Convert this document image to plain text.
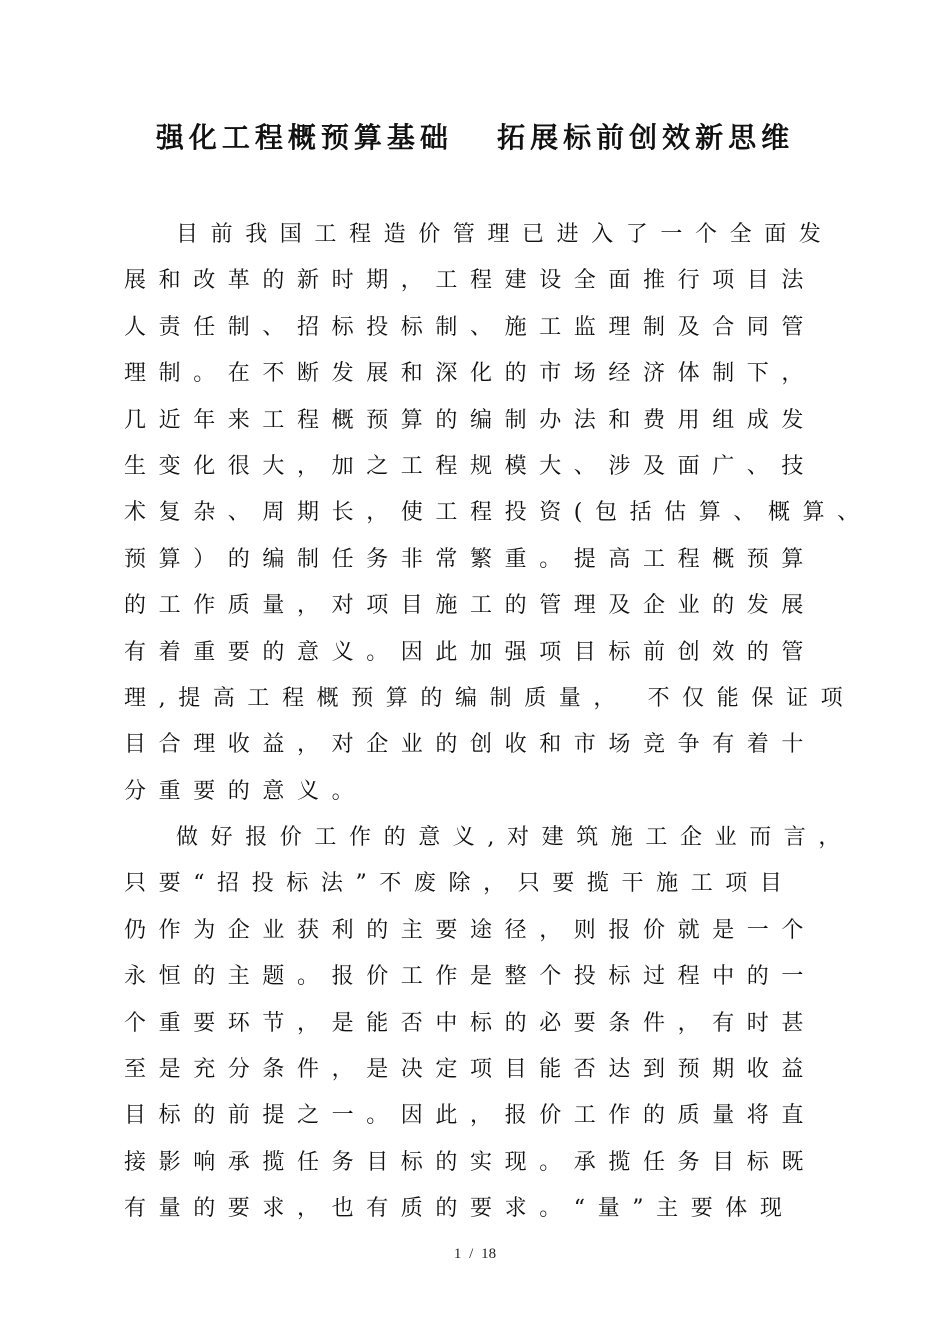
强化工程概预算基础   拓展标前创效新思维
目前我国工程造价管理已进入了一个全面发
展和改革的新时期，工程建设全面推行项目法
人责任制、招标投标制、施工监理制及合同管
理制。在不断发展和深化的市场经济体制下，
几近年来工程概预算的编制办法和费用组成发
生变化很大，加之工程规模大、涉及面广、技
术复杂、周期长，使工程投资(包括估算、概算、
预算）的编制任务非常繁重。提高工程概预算
的工作质量，对项目施工的管理及企业的发展
有着重要的意义。因此加强项目标前创效的管
理,提高工程概预算的编制质量， 不仅能保证项
目合理收益，对企业的创收和市场竞争有着十
分重要的意义。
做好报价工作的意义,对建筑施工企业而言，
只要“招投标法”不废除，只要揽干施工项目
仍作为企业获利的主要途径，则报价就是一个
永恒的主题。报价工作是整个投标过程中的一
个重要环节，是能否中标的必要条件，有时甚
至是充分条件，是决定项目能否达到预期收益
目标的前提之一。因此，报价工作的质量将直
接影响承揽任务目标的实现。承揽任务目标既
有量的要求，也有质的要求。“量”主要体现
1 / 18
